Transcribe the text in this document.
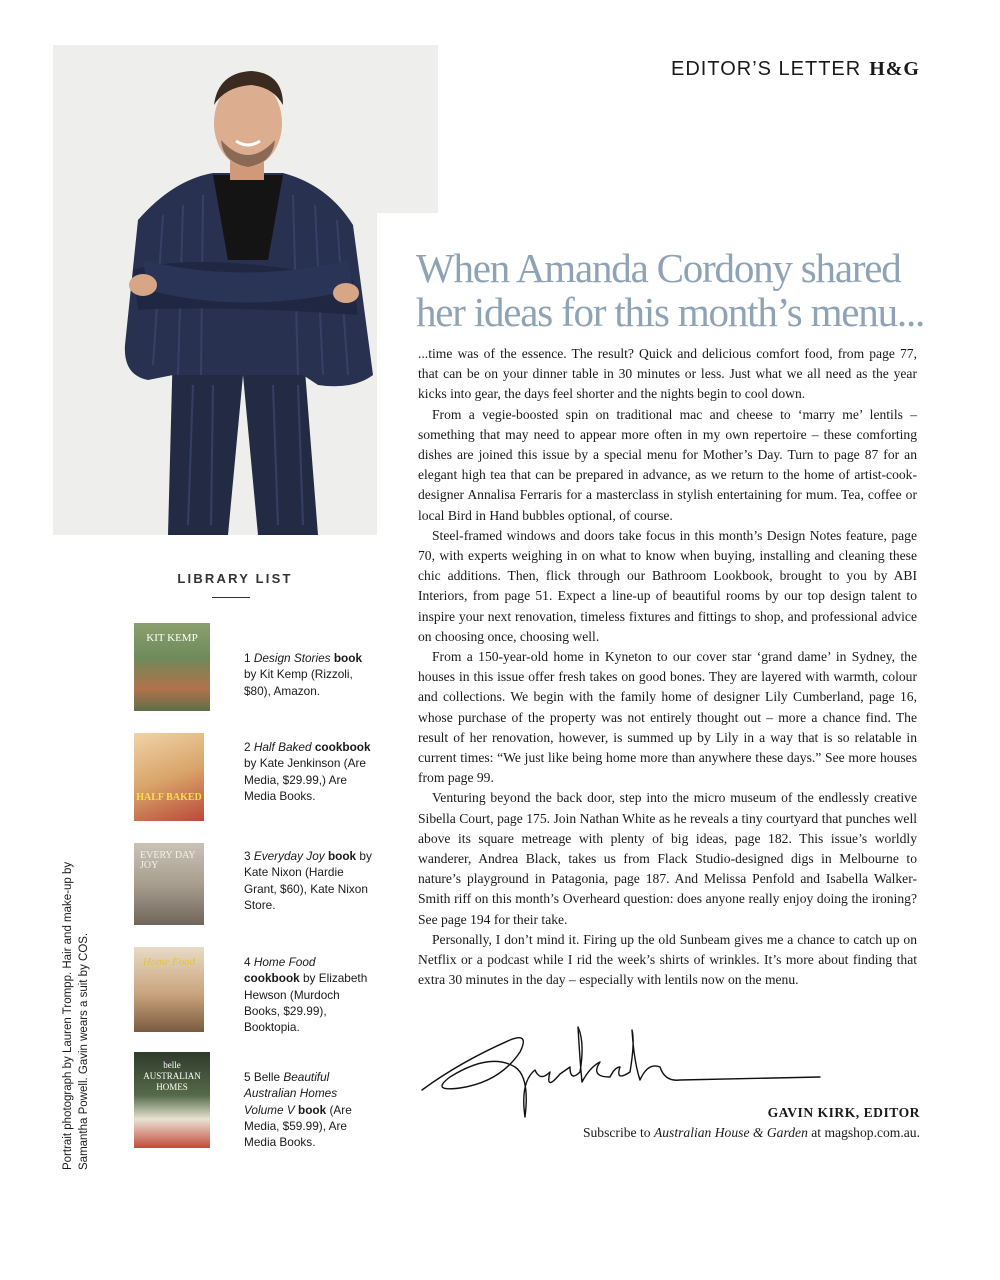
EDITOR’S LETTER H&G
When Amanda Cordony shared
her ideas for this month’s menu...

...time was of the essence. The result? Quick and delicious comfort food, from page 77, that can be on your dinner table in 30 minutes or less. Just what we all need as the year kicks into gear, the days feel shorter and the nights begin to cool down.

From a vegie-boosted spin on traditional mac and cheese to ‘marry me’ lentils – something that may need to appear more often in my own repertoire – these comforting dishes are joined this issue by a special menu for Mother’s Day. Turn to page 87 for an elegant high tea that can be prepared in advance, as we return to the home of artist-cook-designer Annalisa Ferraris for a masterclass in stylish entertaining for mum. Tea, coffee or local Bird in Hand bubbles optional, of course.

Steel-framed windows and doors take focus in this month’s Design Notes feature, page 70, with experts weighing in on what to know when buying, installing and cleaning these chic additions. Then, flick through our Bathroom Lookbook, brought to you by ABI Interiors, from page 51. Expect a line-up of beautiful rooms by our top design talent to inspire your next renovation, timeless fixtures and fittings to shop, and professional advice on choosing once, choosing well.

From a 150-year-old home in Kyneton to our cover star ‘grand dame’ in Sydney, the houses in this issue offer fresh takes on good bones. They are layered with warmth, colour and collections. We begin with the family home of designer Lily Cumberland, page 16, whose purchase of the property was not entirely thought out – more a chance find. The result of her renovation, however, is summed up by Lily in a way that is so relatable in current times: “We just like being home more than anywhere these days.” See more houses from page 99.

Venturing beyond the back door, step into the micro museum of the endlessly creative Sibella Court, page 175. Join Nathan White as he reveals a tiny courtyard that punches well above its square metreage with plenty of big ideas, page 182. This issue’s worldly wanderer, Andrea Black, takes us from Flack Studio-designed digs in Melbourne to nature’s playground in Patagonia, page 187. And Melissa Penfold and Isabella Walker-Smith riff on this month’s Overheard question: does anyone really enjoy doing the ironing? See page 194 for their take.

Personally, I don’t mind it. Firing up the old Sunbeam gives me a chance to catch up on Netflix or a podcast while I rid the week’s shirts of wrinkles. It’s more about finding that extra 30 minutes in the day – especially with lentils now on the menu.

GAVIN KIRK, EDITOR
Subscribe to Australian House & Garden at magshop.com.au.
LIBRARY LIST
KIT KEMP
1 Design Stories book by Kit Kemp (Rizzoli, $80), Amazon.
HALF BAKED
2 Half Baked cookbook by Kate Jenkinson (Are Media, $29.99,) Are Media Books.
EVERY DAY JOY
3 Everyday Joy book by Kate Nixon (Hardie Grant, $60), Kate Nixon Store.
Home Food	4 Home Food cookbook by Elizabeth Hewson (Murdoch Books, $29.99), Booktopia.
belle AUSTRALIAN HOMES
5 Belle Beautiful Australian Homes Volume V book (Are Media, $59.99), Are Media Books.
Portrait photograph by Lauren Trompp. Hair and make-up by Samantha Powell. Gavin wears a suit by COS.
